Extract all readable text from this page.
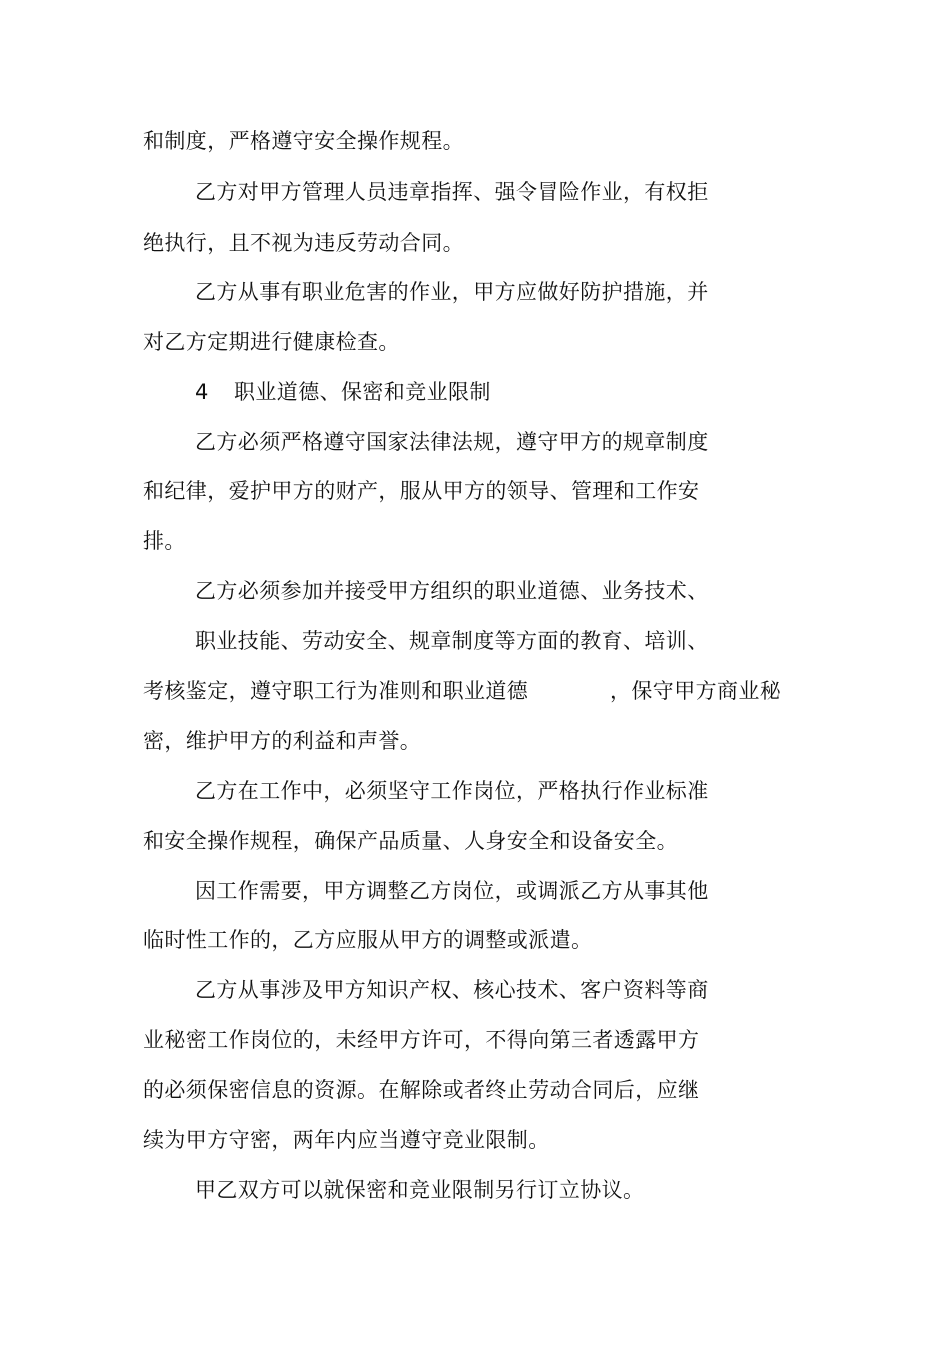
和制度，严格遵守安全操作规程。
乙方对甲方管理人员违章指挥、强令冒险作业，有权拒
绝执行，且不视为违反劳动合同。
乙方从事有职业危害的作业，甲方应做好防护措施，并
对乙方定期进行健康检查。
4 职业道德、保密和竞业限制
乙方必须严格遵守国家法律法规，遵守甲方的规章制度
和纪律，爱护甲方的财产，服从甲方的领导、管理和工作安
排。
乙方必须参加并接受甲方组织的职业道德、业务技术、
职业技能、劳动安全、规章制度等方面的教育、培训、
考核鉴定，遵守职工行为准则和职业道德	，保守甲方商业秘
密，维护甲方的利益和声誉。
乙方在工作中，必须坚守工作岗位，严格执行作业标准
和安全操作规程，确保产品质量、人身安全和设备安全。
因工作需要，甲方调整乙方岗位，或调派乙方从事其他
临时性工作的，乙方应服从甲方的调整或派遣。
乙方从事涉及甲方知识产权、核心技术、客户资料等商
业秘密工作岗位的，未经甲方许可，不得向第三者透露甲方
的必须保密信息的资源。在解除或者终止劳动合同后，应继
续为甲方守密，两年内应当遵守竞业限制。
甲乙双方可以就保密和竞业限制另行订立协议。
